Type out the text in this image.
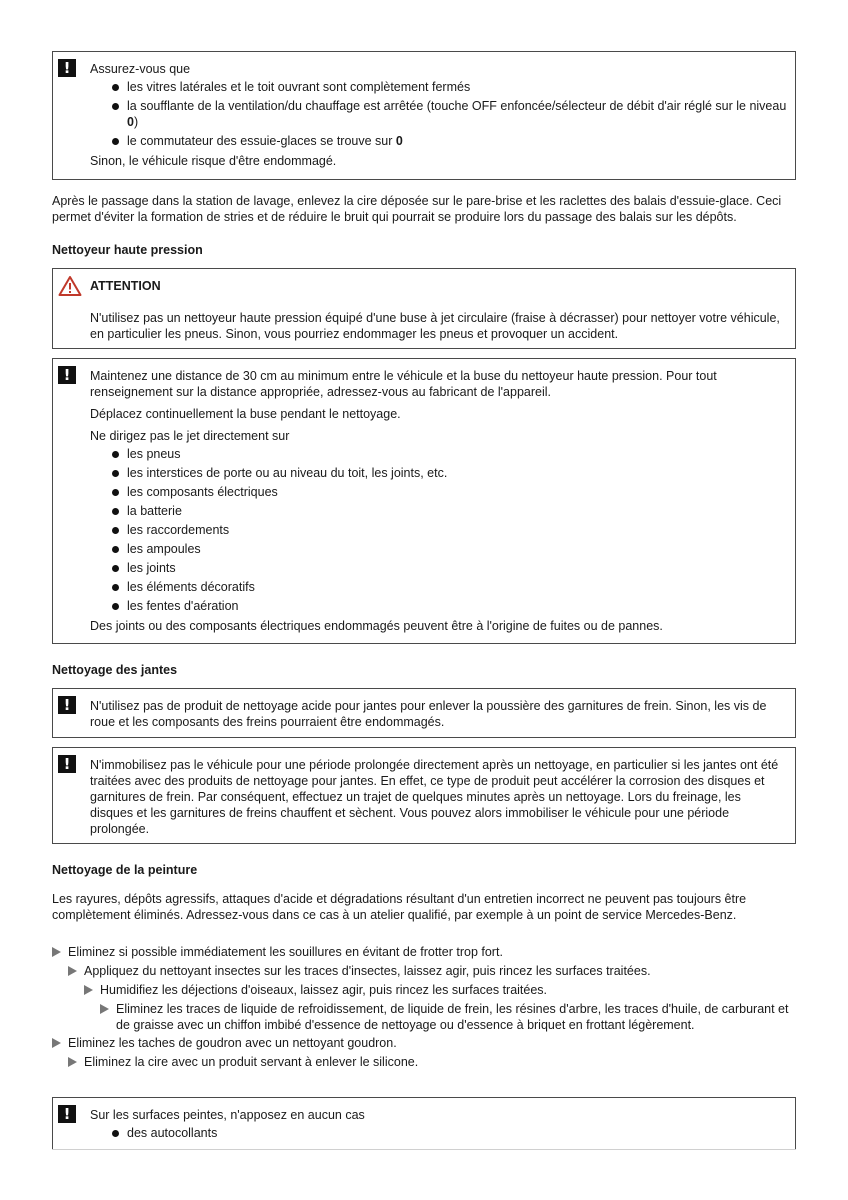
!	Assurez-vous que

les vitres latérales et le toit ouvrant sont complètement fermés
la soufflante de la ventilation/du chauffage est arrêtée (touche OFF enfoncée/sélecteur de débit d'air réglé sur le niveau 0)
le commutateur des essuie-glaces se trouve sur 0

Sinon, le véhicule risque d'être endommagé.

Après le passage dans la station de lavage, enlevez la cire déposée sur le pare-brise et les raclettes des balais d'essuie-glace. Ceci permet d'éviter la formation de stries et de réduire le bruit qui pourrait se produire lors du passage des balais sur les dépôts.

Nettoyeur haute pression

ATTENTION
N'utilisez pas un nettoyeur haute pression équipé d'une buse à jet circulaire (fraise à décrasser) pour nettoyer votre véhicule, en particulier les pneus. Sinon, vous pourriez endommager les pneus et provoquer un accident.
!	Maintenez une distance de 30 cm au minimum entre le véhicule et la buse du nettoyeur haute pression. Pour tout renseignement sur la distance appropriée, adressez-vous au fabricant de l'appareil.

Déplacez continuellement la buse pendant le nettoyage.

Ne dirigez pas le jet directement sur

les pneus
les interstices de porte ou au niveau du toit, les joints, etc.
les composants électriques
la batterie
les raccordements
les ampoules
les joints
les éléments décoratifs
les fentes d'aération

Des joints ou des composants électriques endommagés peuvent être à l'origine de fuites ou de pannes.

Nettoyage des jantes

!	N'utilisez pas de produit de nettoyage acide pour jantes pour enlever la poussière des garnitures de frein. Sinon, les vis de roue et les composants des freins pourraient être endommagés.
!	N'immobilisez pas le véhicule pour une période prolongée directement après un nettoyage, en particulier si les jantes ont été traitées avec des produits de nettoyage pour jantes. En effet, ce type de produit peut accélérer la corrosion des disques et garnitures de frein. Par conséquent, effectuez un trajet de quelques minutes après un nettoyage. Lors du freinage, les disques et les garnitures de freins chauffent et sèchent. Vous pouvez alors immobiliser le véhicule pour une période prolongée.

Nettoyage de la peinture

Les rayures, dépôts agressifs, attaques d'acide et dégradations résultant d'un entretien incorrect ne peuvent pas toujours être complètement éliminés. Adressez-vous dans ce cas à un atelier qualifié, par exemple à un point de service Mercedes-Benz.

Eliminez si possible immédiatement les souillures en évitant de frotter trop fort.
Appliquez du nettoyant insectes sur les traces d'insectes, laissez agir, puis rincez les surfaces traitées.
Humidifiez les déjections d'oiseaux, laissez agir, puis rincez les surfaces traitées.
Eliminez les traces de liquide de refroidissement, de liquide de frein, les résines d'arbre, les traces d'huile, de carburant et de graisse avec un chiffon imbibé d'essence de nettoyage ou d'essence à briquet en frottant légèrement.
Eliminez les taches de goudron avec un nettoyant goudron.
Eliminez la cire avec un produit servant à enlever le silicone.
!	Sur les surfaces peintes, n'apposez en aucun cas

des autocollants
